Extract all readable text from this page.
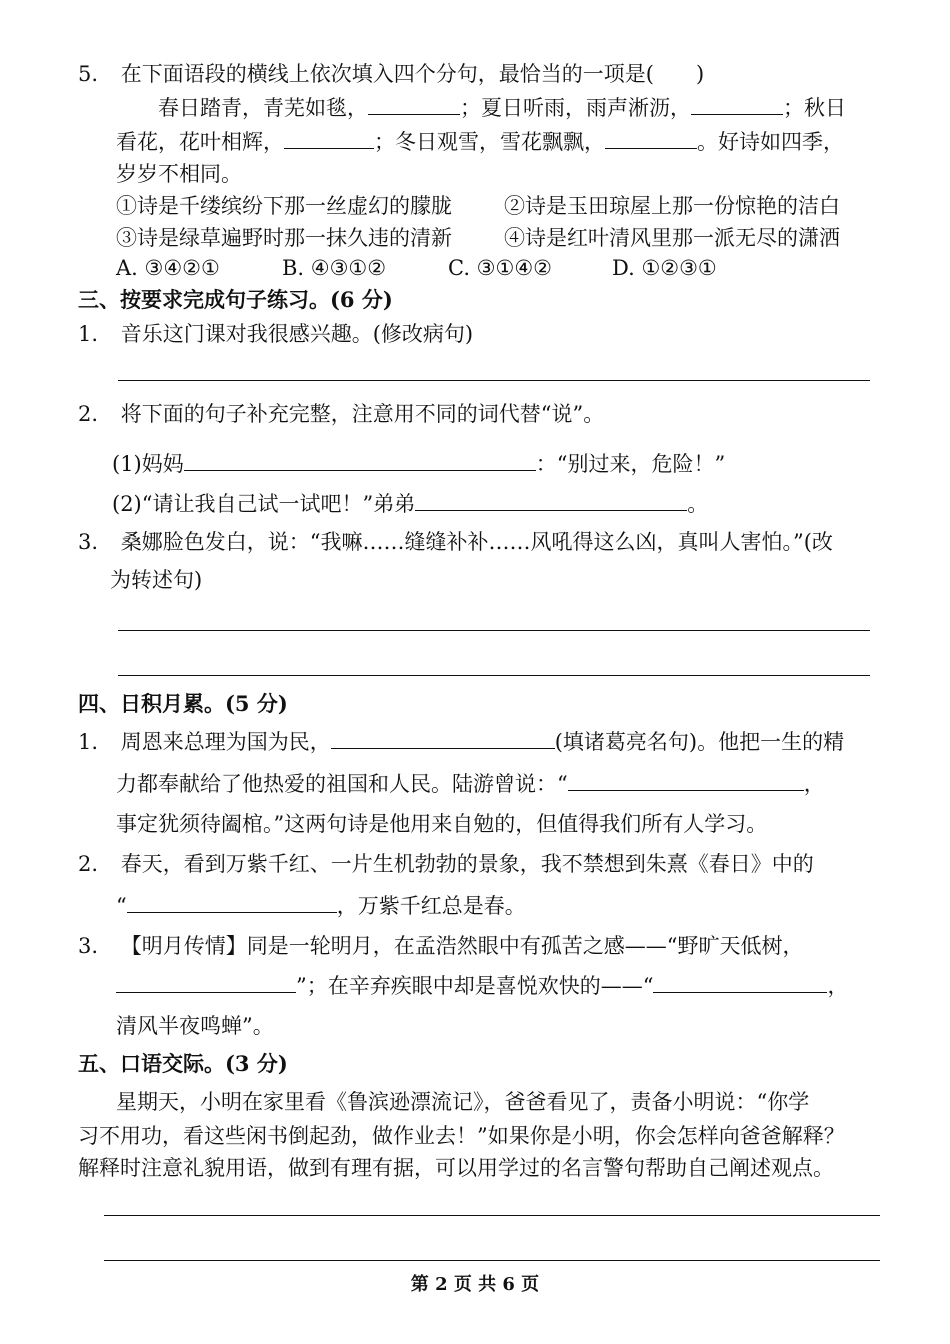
5. 在下面语段的横线上依次填入四个分句，最恰当的一项是( )
春日踏青，青芜如毯，	；夏日听雨，雨声淅沥，	；秋日
看花，花叶相辉，	；冬日观雪，雪花飘飘，	。好诗如四季，
岁岁不相同。
①诗是千缕缤纷下那一丝虚幻的朦胧 ②诗是玉田琼屋上那一份惊艳的洁白
③诗是绿草遍野时那一抹久违的清新 ④诗是红叶清风里那一派无尽的潇洒
A. ③④②①	B. ④③①②	C. ③①④②	D. ①②③①
三、按要求完成句子练习。(6 分)
1. 音乐这门课对我很感兴趣。(修改病句)
2. 将下面的句子补充完整，注意用不同的词代替“说”。
(1)妈妈	：“别过来，危险！”
(2)“请让我自己试一试吧！”弟弟	。
3. 桑娜脸色发白，说：“我嘛……缝缝补补……风吼得这么凶，真叫人害怕。”(改
为转述句)
四、日积月累。(5 分)
1. 周恩来总理为国为民，	(填诸葛亮名句)。他把一生的精
力都奉献给了他热爱的祖国和人民。陆游曾说：“	，
事定犹须待阖棺。”这两句诗是他用来自勉的，但值得我们所有人学习。
2. 春天，看到万紫千红、一片生机勃勃的景象，我不禁想到朱熹《春日》中的
“	，万紫千红总是春。
3. 【明月传情】同是一轮明月，在孟浩然眼中有孤苦之感——“野旷天低树，
”；在辛弃疾眼中却是喜悦欢快的——“	，
清风半夜鸣蝉”。
五、口语交际。(3 分)
星期天，小明在家里看《鲁滨逊漂流记》，爸爸看见了，责备小明说：“你学
习不用功，看这些闲书倒起劲，做作业去！”如果你是小明，你会怎样向爸爸解释？
解释时注意礼貌用语，做到有理有据，可以用学过的名言警句帮助自己阐述观点。
第 2 页 共 6 页
